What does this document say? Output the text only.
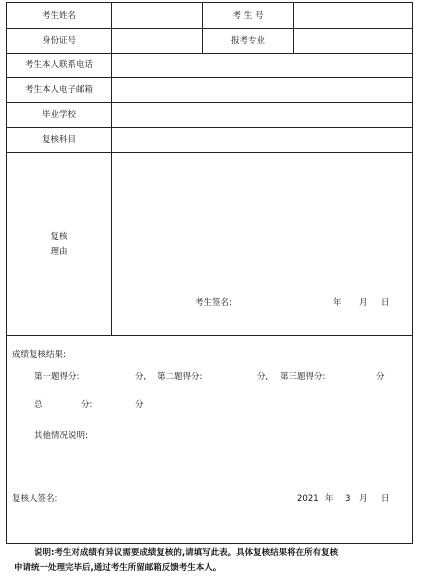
考生姓名	考 生 号
身份证号	报考专业
考生本人联系电话
考生本人电子邮箱
毕业学校
复核科目
复核
理由
考生签名:	年 月 日
成绩复核结果:
第一题得分:	分, 第二题得分:	分, 第三题得分:	分
总	分:	分
其他情况说明:
复核人签名:	2021 年 3 月 日
说明:考生对成绩有异议需要成绩复核的,请填写此表。具体复核结果将在所有复核
申请统一处理完毕后,通过考生所留邮箱反馈考生本人。
